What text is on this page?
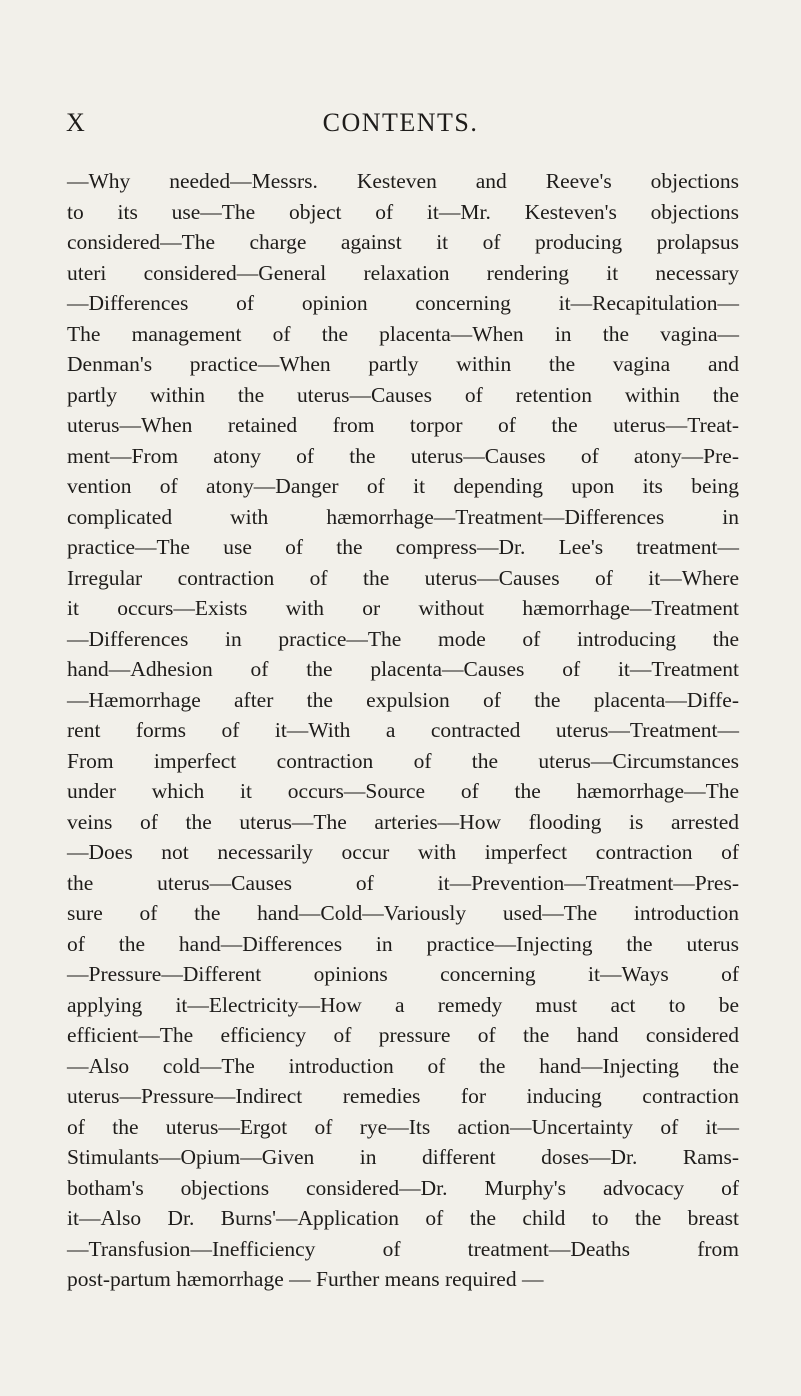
X	CONTENTS.
—Why needed—Messrs. Kesteven and Reeve's objections
to its use—The object of it—Mr. Kesteven's objections
considered—The charge against it of producing prolapsus
uteri considered—General relaxation rendering it necessary
—Differences of opinion concerning it—Recapitulation—
The management of the placenta—When in the vagina—
Denman's practice—When partly within the vagina and
partly within the uterus—Causes of retention within the
uterus—When retained from torpor of the uterus—Treat-
ment—From atony of the uterus—Causes of atony—Pre-
vention of atony—Danger of it depending upon its being
complicated with hæmorrhage—Treatment—Differences in
practice—The use of the compress—Dr. Lee's treatment—
Irregular contraction of the uterus—Causes of it—Where
it occurs—Exists with or without hæmorrhage—Treatment
—Differences in practice—The mode of introducing the
hand—Adhesion of the placenta—Causes of it—Treatment
—Hæmorrhage after the expulsion of the placenta—Diffe-
rent forms of it—With a contracted uterus—Treatment—
From imperfect contraction of the uterus—Circumstances
under which it occurs—Source of the hæmorrhage—The
veins of the uterus—The arteries—How flooding is arrested
—Does not necessarily occur with imperfect contraction of
the uterus—Causes of it—Prevention—Treatment—Pres-
sure of the hand—Cold—Variously used—The introduction
of the hand—Differences in practice—Injecting the uterus
—Pressure—Different opinions concerning it—Ways of
applying it—Electricity—How a remedy must act to be
efficient—The efficiency of pressure of the hand considered
—Also cold—The introduction of the hand—Injecting the
uterus—Pressure—Indirect remedies for inducing contraction
of the uterus—Ergot of rye—Its action—Uncertainty of it—
Stimulants—Opium—Given in different doses—Dr. Rams-
botham's objections considered—Dr. Murphy's advocacy of
it—Also Dr. Burns'—Application of the child to the breast
—Transfusion—Inefficiency of treatment—Deaths from
post-partum hæmorrhage — Further means required —
